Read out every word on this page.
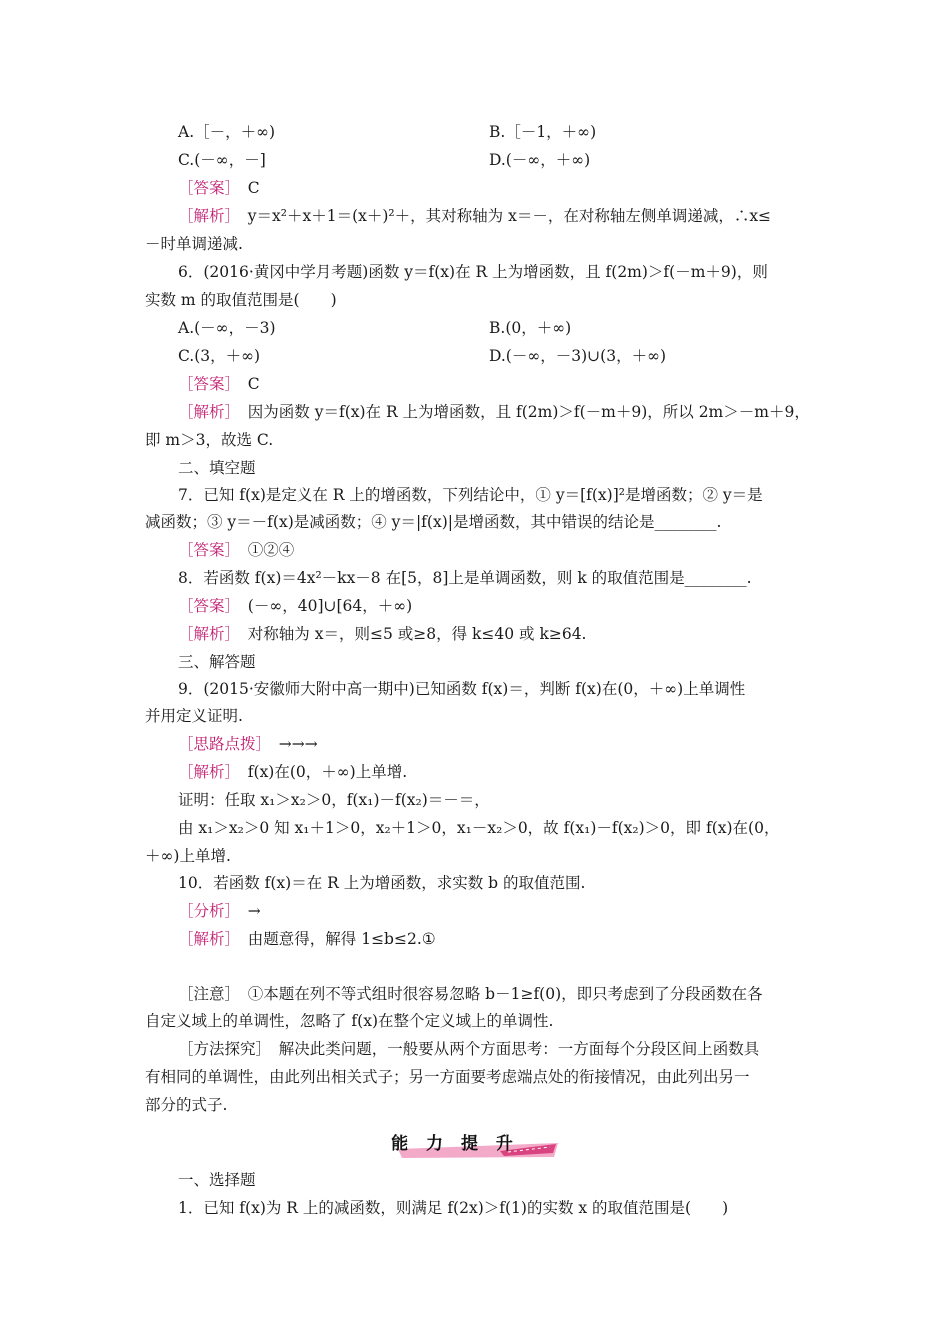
A.［－，＋∞)	B.［－1，＋∞)
C.(－∞，－]	D.(－∞，＋∞)
［答案］　 C
［解析］　 y＝x²＋x＋1＝(x＋)²＋，其对称轴为 x＝－，在对称轴左侧单调递减，∴x≤
－时单调递减.
6．(2016·黄冈中学月考题)函数 y＝f(x)在 R 上为增函数，且 f(2m)＞f(－m＋9)，则
实数 m 的取值范围是(　　)
A.(－∞，－3)	B.(0，＋∞)
C.(3，＋∞)	D.(－∞，－3)∪(3，＋∞)
［答案］　 C
［解析］　 因为函数 y＝f(x)在 R 上为增函数，且 f(2m)＞f(－m＋9)，所以 2m＞－m＋9，
即 m＞3，故选 C.
二、填空题
7．已知 f(x)是定义在 R 上的增函数，下列结论中，① y＝[f(x)]²是增函数；② y＝是
减函数；③ y＝－f(x)是减函数；④ y＝|f(x)|是增函数，其中错误的结论是________.
［答案］　 ①②④
8．若函数 f(x)＝4x²－kx－8 在[5，8]上是单调函数，则 k 的取值范围是________.
［答案］　 (－∞，40]∪[64，＋∞)
［解析］　 对称轴为 x＝，则≤5 或≥8，得 k≤40 或 k≥64.
三、解答题
9．(2015·安徽师大附中高一期中)已知函数 f(x)＝，判断 f(x)在(0，＋∞)上单调性
并用定义证明.
［思路点拨］　 →→→
［解析］　 f(x)在(0，＋∞)上单增.
证明：任取 x₁＞x₂＞0，f(x₁)－f(x₂)＝－＝，
由 x₁＞x₂＞0 知 x₁＋1＞0，x₂＋1＞0，x₁－x₂＞0，故 f(x₁)－f(x₂)＞0，即 f(x)在(0，
＋∞)上单增.
10．若函数 f(x)＝在 R 上为增函数，求实数 b 的取值范围.
［分析］　 →
［解析］　 由题意得，解得 1≤b≤2.①
［注意］　①本题在列不等式组时很容易忽略 b－1≥f(0)，即只考虑到了分段函数在各
自定义域上的单调性，忽略了 f(x)在整个定义域上的单调性.
［方法探究］　解决此类问题，一般要从两个方面思考：一方面每个分段区间上函数具
有相同的单调性，由此列出相关式子；另一方面要考虑端点处的衔接情况，由此列出另一
部分的式子.
能 力 提 升
一、选择题
1．已知 f(x)为 R 上的减函数，则满足 f(2x)＞f(1)的实数 x 的取值范围是(　　)
